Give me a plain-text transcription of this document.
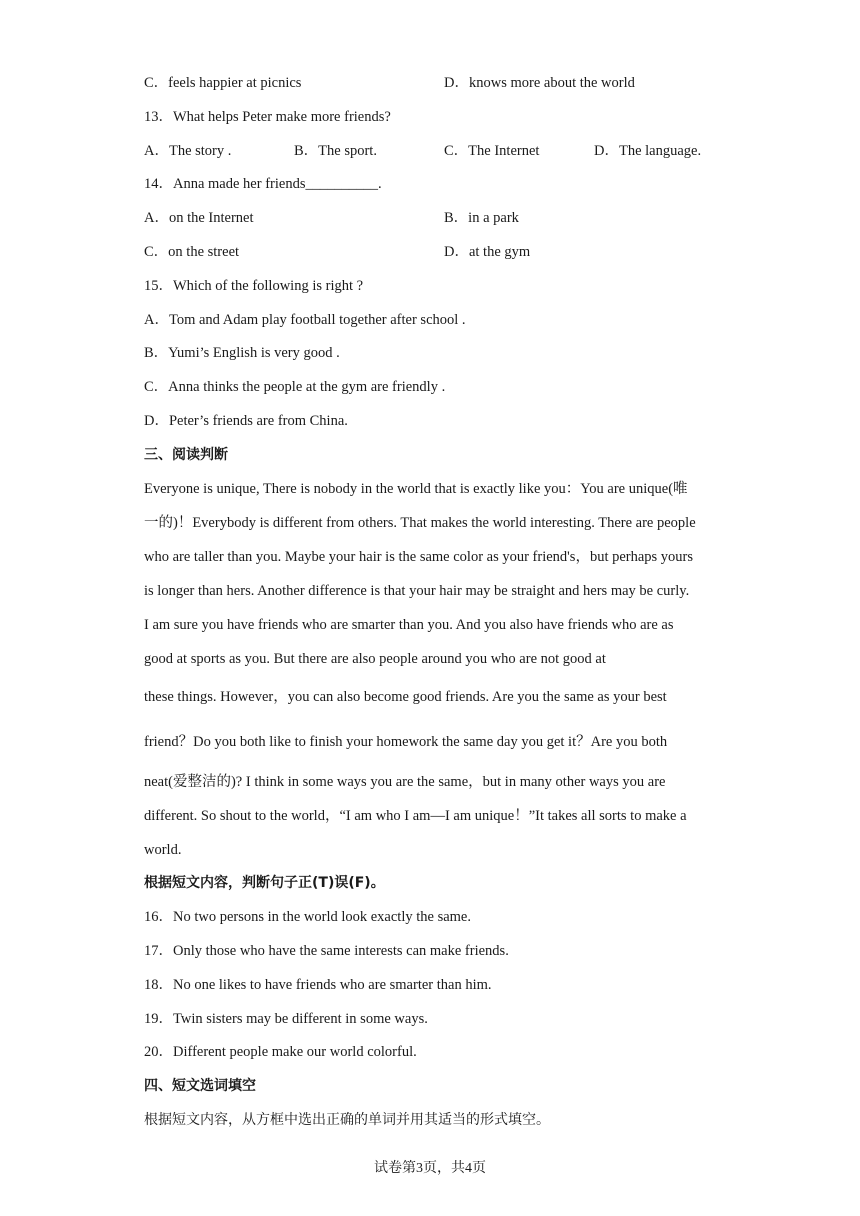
C．feels happier at picnics	D．knows more about the world
13．What helps Peter make more friends?
A．The story .	B．The sport.	C．The Internet	D．The language.
14．Anna made her friends__________.
A．on the Internet	B．in a park
C．on the street	D．at the gym
15．Which of the following is right ?
A．Tom and Adam play football together after school .
B．Yumi’s English is very good .
C．Anna thinks the people at the gym are friendly .
D．Peter’s friends are from China.
三、阅读判断
Everyone is unique, There is nobody in the world that is exactly like you：You are unique(唯
一的)！Everybody is different from others. That makes the world interesting. There are people
who are taller than you. Maybe your hair is the same color as your friend's，but perhaps yours
is longer than hers. Another difference is that your hair may be straight and hers may be curly.
I am sure you have friends who are smarter than you. And you also have friends who are as
good at sports as you. But there are also people around you who are not good at
these things. However，you can also become good friends. Are you the same as your best
friend？Do you both like to finish your homework the same day you get it？Are you both
neat(爱整洁的)? I think in some ways you are the same，but in many other ways you are
different. So shout to the world，“I am who I am—I am unique！”It takes all sorts to make a
world.
根据短文内容，判断句子正(T)误(F)。
16．No two persons in the world look exactly the same.
17．Only those who have the same interests can make friends.
18．No one likes to have friends who are smarter than him.
19．Twin sisters may be different in some ways.
20．Different people make our world colorful.
四、短文选词填空
根据短文内容，从方框中选出正确的单词并用其适当的形式填空。
试卷第3页，共4页
